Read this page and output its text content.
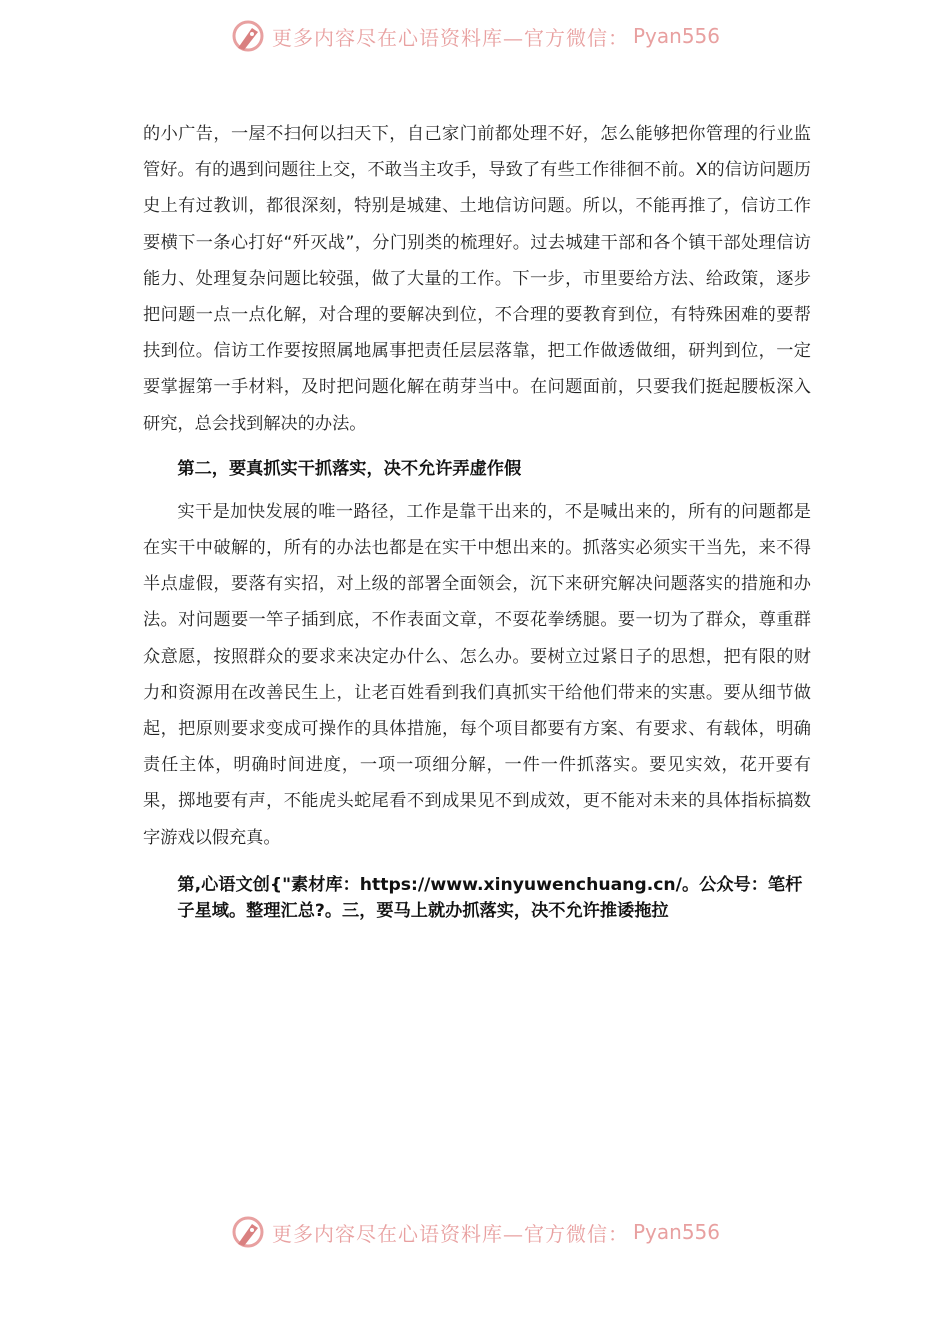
更多内容尽在心语资料库—官方微信： Pyan556

的小广告，一屋不扫何以扫天下，自己家门前都处理不好，怎么能够把你管理的行业监管好。有的遇到问题往上交，不敢当主攻手，导致了有些工作徘徊不前。X的信访问题历史上有过教训，都很深刻，特别是城建、土地信访问题。所以，不能再推了，信访工作要横下一条心打好“歼灭战”，分门别类的梳理好。过去城建干部和各个镇干部处理信访能力、处理复杂问题比较强，做了大量的工作。下一步，市里要给方法、给政策，逐步把问题一点一点化解，对合理的要解决到位，不合理的要教育到位，有特殊困难的要帮扶到位。信访工作要按照属地属事把责任层层落靠，把工作做透做细，研判到位，一定要掌握第一手材料，及时把问题化解在萌芽当中。在问题面前，只要我们挺起腰板深入研究，总会找到解决的办法。

第二，要真抓实干抓落实，决不允许弄虚作假

实干是加快发展的唯一路径，工作是靠干出来的，不是喊出来的，所有的问题都是在实干中破解的，所有的办法也都是在实干中想出来的。抓落实必须实干当先，来不得半点虚假，要落有实招，对上级的部署全面领会，沉下来研究解决问题落实的措施和办法。对问题要一竿子插到底，不作表面文章，不耍花拳绣腿。要一切为了群众，尊重群众意愿，按照群众的要求来决定办什么、怎么办。要树立过紧日子的思想，把有限的财力和资源用在改善民生上，让老百姓看到我们真抓实干给他们带来的实惠。要从细节做起，把原则要求变成可操作的具体措施，每个项目都要有方案、有要求、有载体，明确责任主体，明确时间进度，一项一项细分解，一件一件抓落实。要见实效，花开要有果，掷地要有声，不能虎头蛇尾看不到成果见不到成效，更不能对未来的具体指标搞数字游戏以假充真。

第,心语文创{"素材库：https://www.xinyuwenchuang.cn/。公众号：笔杆子星域。整理汇总?。三，要马上就办抓落实，决不允许推诿拖拉
更多内容尽在心语资料库—官方微信： Pyan556
